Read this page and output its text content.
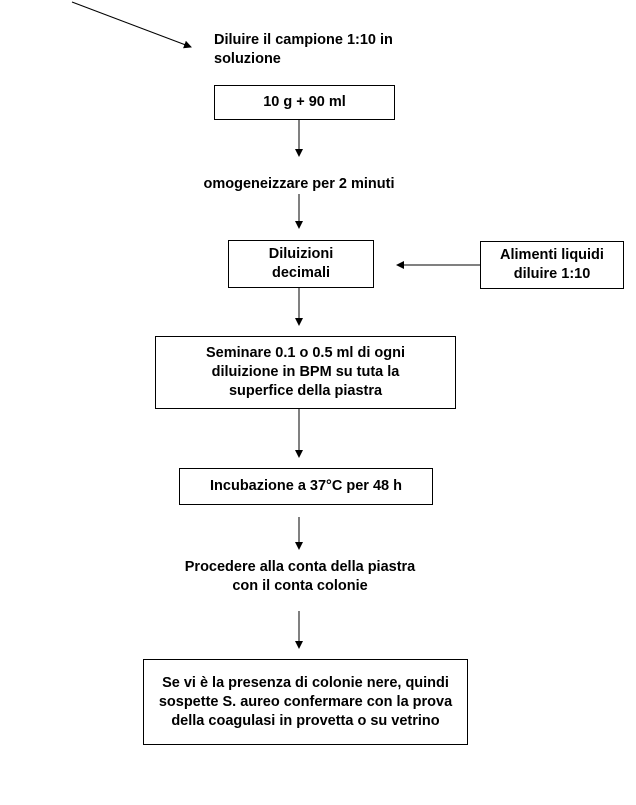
Diluire il campione 1:10 in soluzione
10 g + 90 ml
omogeneizzare per 2 minuti
Diluizioni decimali
Alimenti liquidi diluire 1:10
Seminare 0.1 o 0.5 ml di ogni diluizione in BPM su tuta la superfice della piastra
Incubazione a 37°C per 48 h
Procedere alla conta della piastra con il conta colonie
Se vi è la presenza di colonie nere, quindi sospette S. aureo confermare con la prova della coagulasi in provetta o su vetrino
